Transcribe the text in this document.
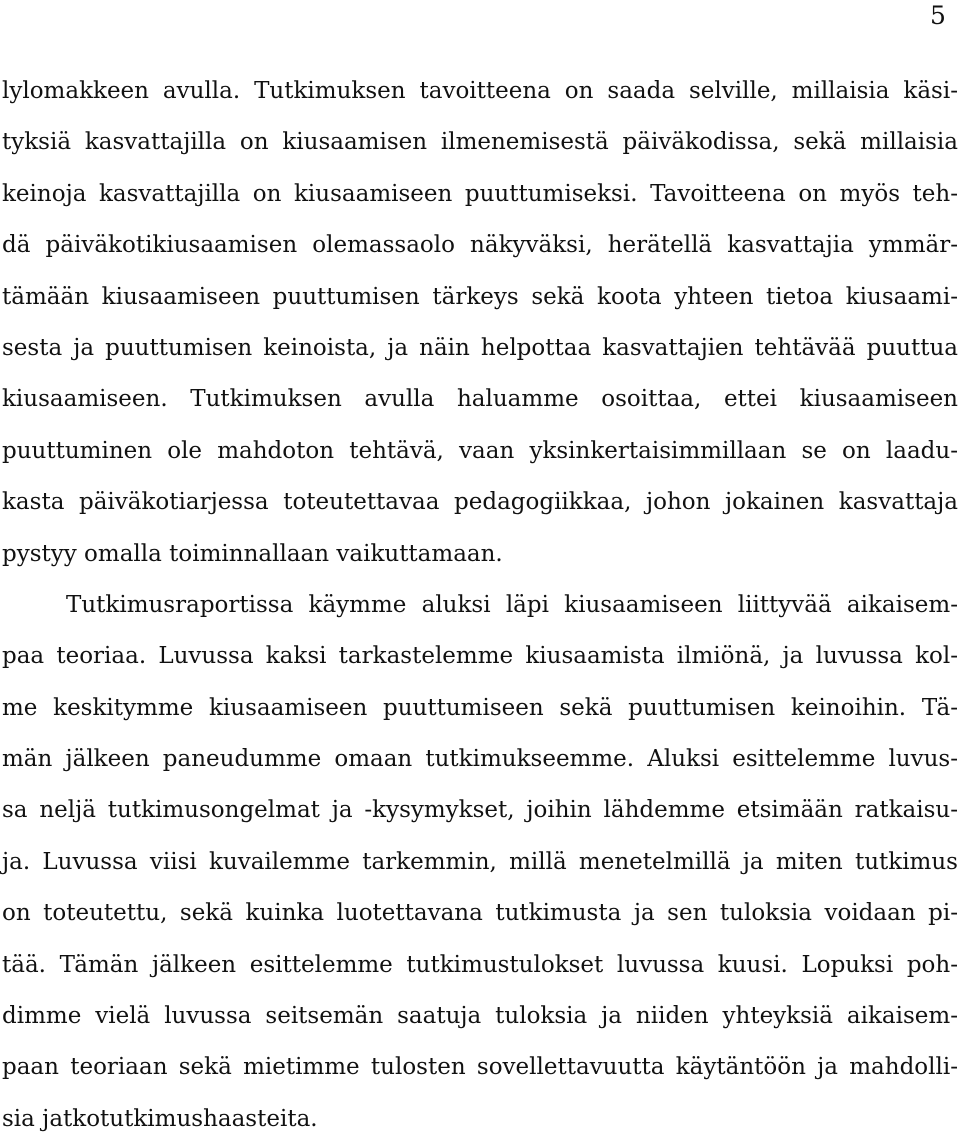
5
lylomakkeen avulla. Tutkimuksen tavoitteena on saada selville, millaisia käsi-
tyksiä kasvattajilla on kiusaamisen ilmenemisestä päiväkodissa, sekä millaisia
keinoja kasvattajilla on kiusaamiseen puuttumiseksi. Tavoitteena on myös teh-
dä päiväkotikiusaamisen olemassaolo näkyväksi, herätellä kasvattajia ymmär-
tämään kiusaamiseen puuttumisen tärkeys sekä koota yhteen tietoa kiusaami-
sesta ja puuttumisen keinoista, ja näin helpottaa kasvattajien tehtävää puuttua
kiusaamiseen. Tutkimuksen avulla haluamme osoittaa, ettei kiusaamiseen
puuttuminen ole mahdoton tehtävä, vaan yksinkertaisimmillaan se on laadu-
kasta päiväkotiarjessa toteutettavaa pedagogiikkaa, johon jokainen kasvattaja
pystyy omalla toiminnallaan vaikuttamaan.
Tutkimusraportissa käymme aluksi läpi kiusaamiseen liittyvää aikaisem-
paa teoriaa. Luvussa kaksi tarkastelemme kiusaamista ilmiönä, ja luvussa kol-
me keskitymme kiusaamiseen puuttumiseen sekä puuttumisen keinoihin. Tä-
män jälkeen paneudumme omaan tutkimukseemme. Aluksi esittelemme luvus-
sa neljä tutkimusongelmat ja -kysymykset, joihin lähdemme etsimään ratkaisu-
ja. Luvussa viisi kuvailemme tarkemmin, millä menetelmillä ja miten tutkimus
on toteutettu, sekä kuinka luotettavana tutkimusta ja sen tuloksia voidaan pi-
tää. Tämän jälkeen esittelemme tutkimustulokset luvussa kuusi. Lopuksi poh-
dimme vielä luvussa seitsemän saatuja tuloksia ja niiden yhteyksiä aikaisem-
paan teoriaan sekä mietimme tulosten sovellettavuutta käytäntöön ja mahdolli-
sia jatkotutkimushaasteita.
